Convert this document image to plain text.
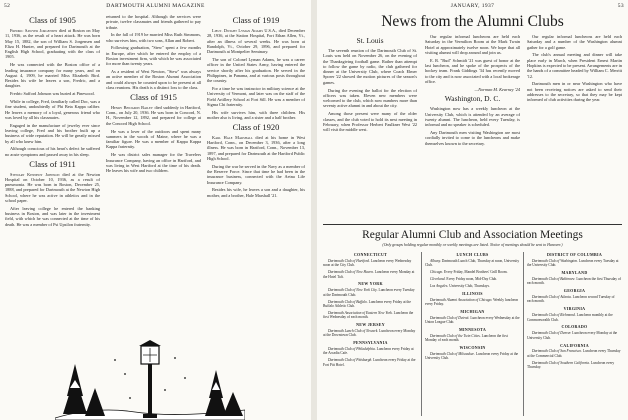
52	DARTMOUTH ALUMNI MAGAZINE
Class of 1905

Fredric Sawyer Jorgensen died at Boston on May 11, 1936, as the result of a heart attack. He was born May 15, 1882, the son of William S. Jorgensen and Eliza H. Hunter, and prepared for Dartmouth at the English High School, graduating with the class of 1905.

He was connected with the Boston office of a leading insurance company for many years, and on August 4, 1909, he married Miss Elizabeth Bird. Besides his wife he leaves a son, Fredric, and a daughter.

Fredric Safford Johnson was buried at Pinewood.

While in college, Fred, familiarly called Doc, was a fine student, undoubtedly of Phi Beta Kappa caliber. He leaves a memory of a loyal, generous friend who was loved by all his classmates.

Engaged in the manufacture of jewelry ever since leaving college, Fred and his brother built up a business of wide reputation. He will be greatly missed by all who knew him.

Although conscious of his heart's defect he suffered no acute symptoms and passed away in his sleep.

Class of 1911

Stewart Kennedy Johnson died at the Newton Hospital on October 10, 1936, as a result of pneumonia. He was born in Boston, December 25, 1888, and prepared for Dartmouth at the Newton High School, where he was active in athletics and in the school paper.

After leaving college he entered the banking business in Boston, and was later in the investment field, with which he was connected at the time of his death. He was a member of Psi Upsilon fraternity.

returned to the hospital. Although the services were private, twelve classmates and friends gathered to pay tribute.

In the fall of 1919 he married Miss Ruth Simmons, who survives him, with two sons, Allan and Robert.

Following graduation, "Stew" spent a few months in Europe, after which he entered the employ of a Boston investment firm, with which he was associated for more than twenty years.

As a resident of West Newton, "Stew" was always an active member of the Boston Alumni Association and could always be counted upon to be present at all class reunions. His death is a distinct loss to the class.

Class of 1915

Henry Benjamin Bailey died suddenly in Hartford, Conn., on July 20, 1936. He was born in Concord, N. H., November 12, 1892, and prepared for college at the Concord High School.

He was a lover of the outdoors and spent many summers in the woods of Maine, where he was a familiar figure. He was a member of Kappa Kappa Kappa fraternity.

He was district sales manager for the Travelers Insurance Company, having an office in Hartford, and was living in West Hartford at the time of his death. He leaves his wife and two children.

Class of 1919

Lieut. Dwight Lyman Adams U.S.A., died December 28, 1936, at the Station Hospital, Fort Ethan Allen, Vt., after an illness of several weeks. He was born at Randolph, Vt., October 29, 1896, and prepared for Dartmouth at Montpelier Seminary.

The son of Colonel Lyman Adams, he was a career officer in the United States Army, having entered the service shortly after his graduation. He served in the Philippines, in Panama, and at various posts throughout the country.

For a time he was instructor in military science at the University of Vermont, and later was on the staff of the Field Artillery School at Fort Sill. He was a member of Sigma Chi fraternity.

His wife survives him, with three children. His mother also is living, and a sister and a half brother.

Class of 1920

Karl Hale Marshall died at his home in West Hartford, Conn., on December 3, 1936, after a long illness. He was born in Hartford, Conn., November 13, 1897, and prepared for Dartmouth at the Hartford Public High School.

During the war he served in the Navy as a member of the Reserve Force. Since that time he had been in the insurance business, connected with the Aetna Life Insurance Company.

Besides his wife, he leaves a son and a daughter, his mother, and a brother, Hale Marshall '21.

JANUARY, 1937	53
News from the Alumni Clubs
St. Louis

The seventh reunion of the Dartmouth Club of St. Louis was held on November 26, on the evening of the Thanksgiving football game. Rather than attempt to follow the game by radio, the club gathered for dinner at the University Club, where Coach Elmer Sporer '22 showed the motion pictures of the season's games.

During the evening the ballot for the election of officers was taken. Eleven new members were welcomed to the club, which now numbers more than seventy active alumni in and about the city.

Among those present were many of the older classes, and the club voted to hold its next meeting in February, when Professor Herbert Faulkner West '22 will visit the middle west.

Our regular informal luncheons are held each Saturday in the Vermilion Room at the Mark Twain Hotel at approximately twelve noon. We hope that all visiting alumni will drop around and join us.

E. R. "Bud" Schmidt '21 was guest of honor at the last luncheon, and he spoke of the prospects of the hockey team. Frank Giddings '34 has recently moved to the city and is now associated with a local brokerage office.

—Norman M. Kearney '24

Washington, D. C.

Washington now has a weekly luncheon at the University Club, which is attended by an average of twenty alumni. The luncheon, held every Tuesday, is informal and no speaker is scheduled.

Any Dartmouth men visiting Washington are most cordially invited to come to the luncheons and make themselves known to the secretary.

Our regular informal luncheons are held each Saturday and a number of the Washington alumni gather for a golf game.

The club's annual meeting and dinner will take place early in March, when President Ernest Martin Hopkins is expected to be present. Arrangements are in the hands of a committee headed by William C. Merritt '12.

Dartmouth men in or near Washington who have not been receiving notices are asked to send their addresses to the secretary, so that they may be kept informed of club activities during the year.

Regular Alumni Club and Association Meetings
(Only groups holding regular monthly or weekly meetings are listed. Notice of meetings should be sent to Hanover.)
CONNECTICUT

Dartmouth Club of Hartford. Luncheon every Wednesday noon at the City Club.

Dartmouth Club of New Haven. Luncheon every Monday at the Hotel Taft.

NEW YORK

Dartmouth Club of New York City. Luncheon every Tuesday at the Dartmouth Club.

Dartmouth Club of Buffalo. Luncheon every Friday at the Buffalo Athletic Club.

Dartmouth Association of Eastern New York. Luncheon the first Wednesday of each month.

NEW JERSEY

Dartmouth Lunch Club of Newark. Luncheon every Monday at the Downtown Club.

PENNSYLVANIA

Dartmouth Club of Philadelphia. Luncheon every Friday at the Arcadia Cafe.

Dartmouth Club of Pittsburgh. Luncheon every Friday at the Fort Pitt Hotel.

LUNCH CLUBS

Albany. Dartmouth Lunch Club, Thursday at noon, University Club.

Chicago. Every Friday, Mandel Brothers' Grill Room.

Cleveland. Every Friday noon, Mid-Day Club.

Los Angeles. University Club, Thursdays.

ILLINOIS

Dartmouth Alumni Association of Chicago. Weekly luncheon every Friday.

MICHIGAN

Dartmouth Club of Detroit. Luncheon every Wednesday at the Union League Club.

MINNESOTA

Dartmouth Club of the Twin Cities. Luncheon the first Monday of each month.

WISCONSIN

Dartmouth Club of Milwaukee. Luncheon every Friday at the University Club.

DISTRICT OF COLUMBIA

Dartmouth Club of Washington. Luncheon every Tuesday at the University Club.

MARYLAND

Dartmouth Club of Baltimore. Luncheon the first Thursday of each month.

GEORGIA

Dartmouth Club of Atlanta. Luncheon second Tuesday of each month.

VIRGINIA

Dartmouth Club of Richmond. Luncheon monthly at the Commonwealth Club.

COLORADO

Dartmouth Club of Denver. Luncheon every Monday at the University Club.

CALIFORNIA

Dartmouth Club of San Francisco. Luncheon every Thursday at the Commercial Club.

Dartmouth Club of Southern California. Luncheon every Thursday.
